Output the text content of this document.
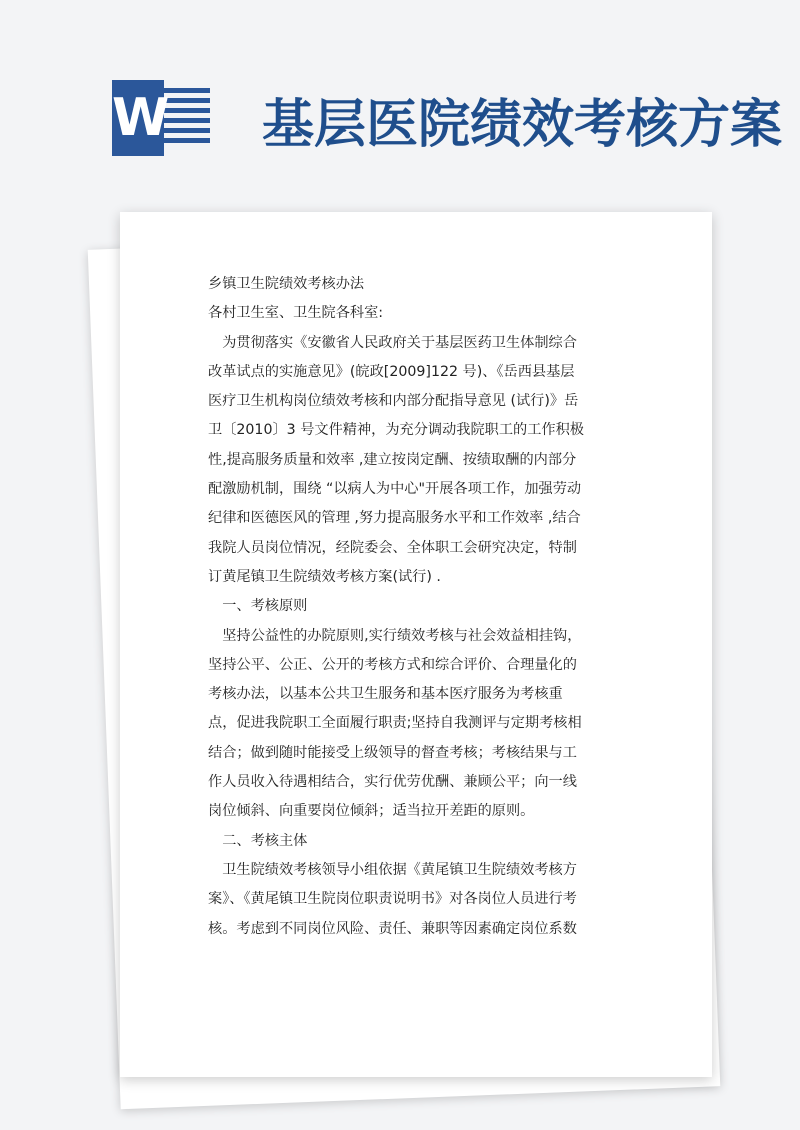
W 基层医院绩效考核方案
乡镇卫生院绩效考核办法
各村卫生室、卫生院各科室:
　为贯彻落实《安徽省人民政府关于基层医药卫生体制综合
改革试点的实施意见》(皖政[2009]122 号)、《岳西县基层
医疗卫生机构岗位绩效考核和内部分配指导意见 (试行)》岳
卫〔2010〕3 号文件精神，为充分调动我院职工的工作积极
性,提高服务质量和效率 ,建立按岗定酬、按绩取酬的内部分
配激励机制，围绕 “以病人为中心"开展各项工作，加强劳动
纪律和医德医风的管理 ,努力提高服务水平和工作效率 ,结合
我院人员岗位情况，经院委会、全体职工会研究决定，特制
订黄尾镇卫生院绩效考核方案(试行) .
　一、考核原则
　坚持公益性的办院原则,实行绩效考核与社会效益相挂钩，
坚持公平、公正、公开的考核方式和综合评价、合理量化的
考核办法，以基本公共卫生服务和基本医疗服务为考核重
点，促进我院职工全面履行职责;坚持自我测评与定期考核相
结合；做到随时能接受上级领导的督查考核；考核结果与工
作人员收入待遇相结合，实行优劳优酬、兼顾公平；向一线
岗位倾斜、向重要岗位倾斜；适当拉开差距的原则。
　二、考核主体
　卫生院绩效考核领导小组依据《黄尾镇卫生院绩效考核方
案》、《黄尾镇卫生院岗位职责说明书》对各岗位人员进行考
核。考虑到不同岗位风险、责任、兼职等因素确定岗位系数
